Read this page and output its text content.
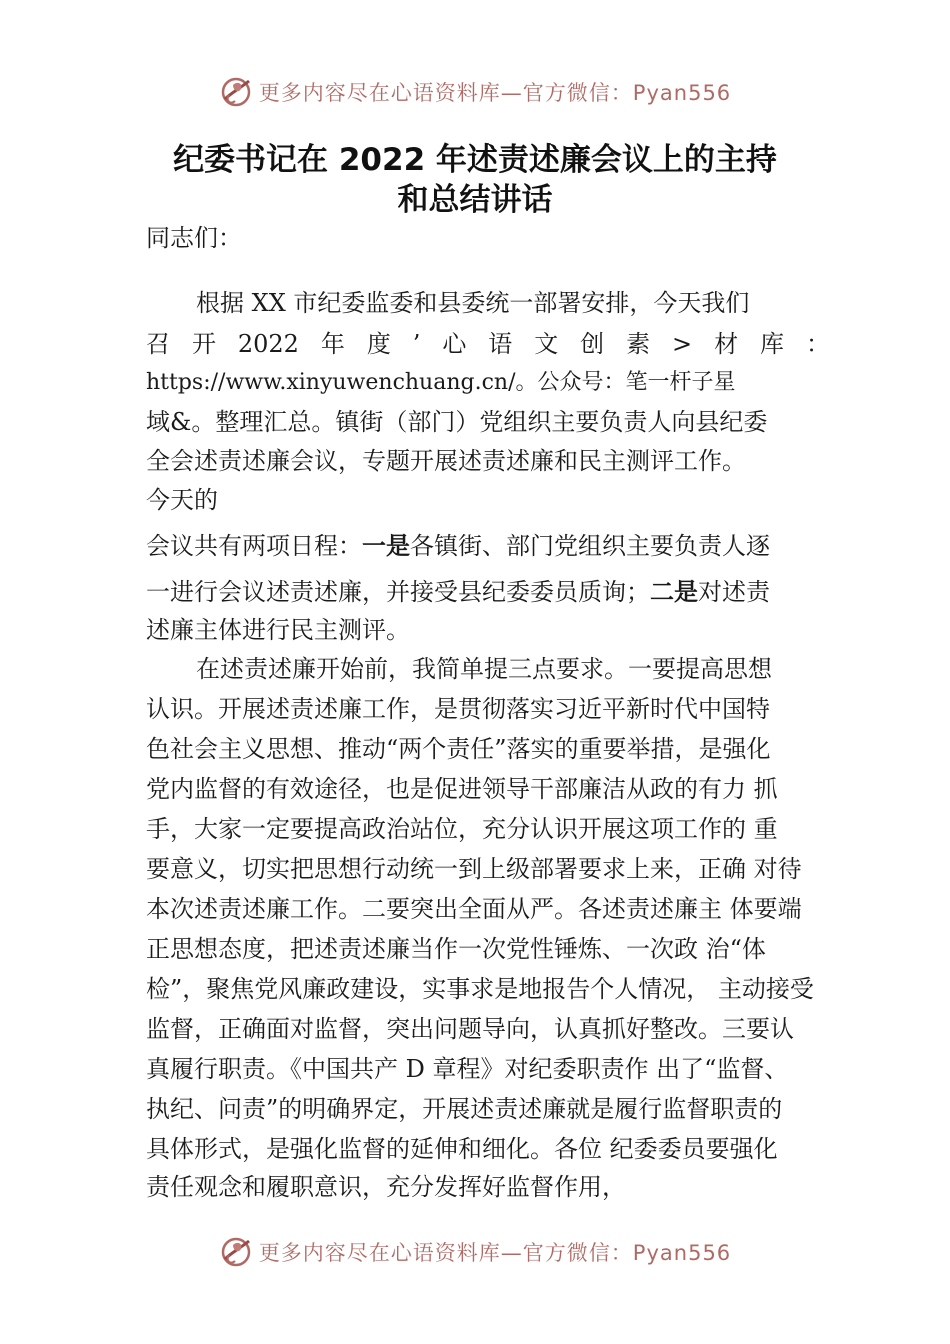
更多内容尽在心语资料库—官方微信：Pyan556
纪委书记在 2022 年述责述廉会议上的主持
和总结讲话
同志们：
根据 XX 市纪委监委和县委统一部署安排，今天我们
召 开 2022 年 度 ’ 心 语 文 创 素 > 材 库 ：
https://www.xinyuwenchuang.cn/。公众号：笔一杆子星
域&。整理汇总。镇街（部门）党组织主要负责人向县纪委
全会述责述廉会议，专题开展述责述廉和民主测评工作。
今天的
会议共有两项日程：一是各镇街、部门党组织主要负责人逐
一进行会议述责述廉，并接受县纪委委员质询；二是对述责
述廉主体进行民主测评。
在述责述廉开始前，我简单提三点要求。一要提高思想
认识。开展述责述廉工作，是贯彻落实习近平新时代中国特
色社会主义思想、推动“两个责任”落实的重要举措，是强化
党内监督的有效途径，也是促进领导干部廉洁从政的有力 抓
手，大家一定要提高政治站位，充分认识开展这项工作的 重
要意义，切实把思想行动统一到上级部署要求上来，正确 对待
本次述责述廉工作。二要突出全面从严。各述责述廉主 体要端
正思想态度，把述责述廉当作一次党性锤炼、一次政 治“体
检”，聚焦党风廉政建设，实事求是地报告个人情况， 主动接受
监督，正确面对监督，突出问题导向，认真抓好整改。三要认
真履行职责。《中国共产 D 章程》对纪委职责作 出了“监督、
执纪、问责”的明确界定，开展述责述廉就是履行监督职责的
具体形式，是强化监督的延伸和细化。各位 纪委委员要强化
责任观念和履职意识，充分发挥好监督作用，
更多内容尽在心语资料库—官方微信：Pyan556
